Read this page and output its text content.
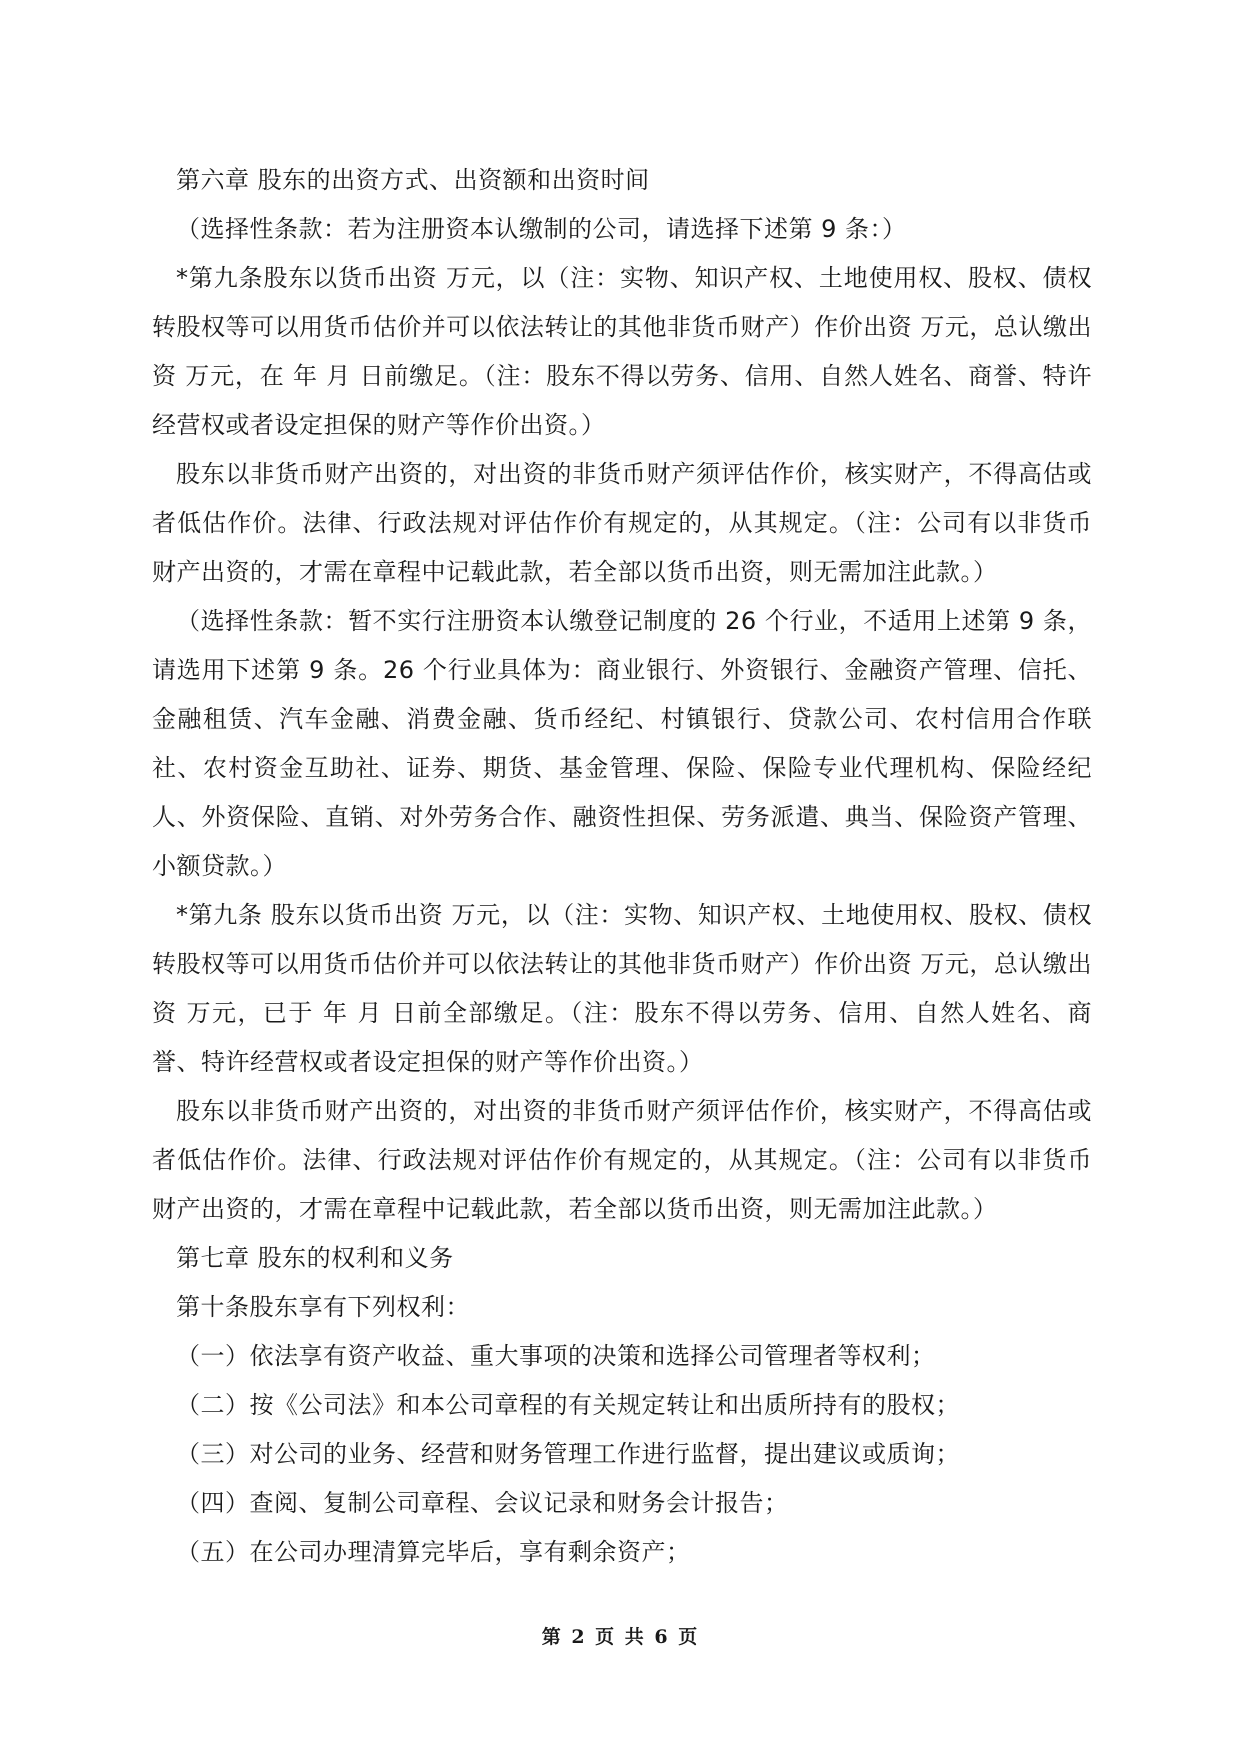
第六章 股东的出资方式、出资额和出资时间

（选择性条款：若为注册资本认缴制的公司，请选择下述第 9 条：）

*第九条股东以货币出资 万元，以（注：实物、知识产权、土地使用权、股权、债权转股权等可以用货币估价并可以依法转让的其他非货币财产）作价出资 万元，总认缴出资 万元，在 年 月 日前缴足。（注：股东不得以劳务、信用、自然人姓名、商誉、特许经营权或者设定担保的财产等作价出资。）

股东以非货币财产出资的，对出资的非货币财产须评估作价，核实财产，不得高估或者低估作价。法律、行政法规对评估作价有规定的，从其规定。（注：公司有以非货币财产出资的，才需在章程中记载此款，若全部以货币出资，则无需加注此款。）

（选择性条款：暂不实行注册资本认缴登记制度的 26 个行业，不适用上述第 9 条，请选用下述第 9 条。26 个行业具体为：商业银行、外资银行、金融资产管理、信托、金融租赁、汽车金融、消费金融、货币经纪、村镇银行、贷款公司、农村信用合作联社、农村资金互助社、证券、期货、基金管理、保险、保险专业代理机构、保险经纪人、外资保险、直销、对外劳务合作、融资性担保、劳务派遣、典当、保险资产管理、小额贷款。）

*第九条 股东以货币出资 万元，以（注：实物、知识产权、土地使用权、股权、债权转股权等可以用货币估价并可以依法转让的其他非货币财产）作价出资 万元，总认缴出资 万元，已于 年 月 日前全部缴足。（注：股东不得以劳务、信用、自然人姓名、商誉、特许经营权或者设定担保的财产等作价出资。）

股东以非货币财产出资的，对出资的非货币财产须评估作价，核实财产，不得高估或者低估作价。法律、行政法规对评估作价有规定的，从其规定。（注：公司有以非货币财产出资的，才需在章程中记载此款，若全部以货币出资，则无需加注此款。）

第七章 股东的权利和义务

第十条股东享有下列权利：

（一）依法享有资产收益、重大事项的决策和选择公司管理者等权利；

（二）按《公司法》和本公司章程的有关规定转让和出质所持有的股权；

（三）对公司的业务、经营和财务管理工作进行监督，提出建议或质询；

（四）查阅、复制公司章程、会议记录和财务会计报告；

（五）在公司办理清算完毕后，享有剩余资产；

第 2 页 共 6 页
